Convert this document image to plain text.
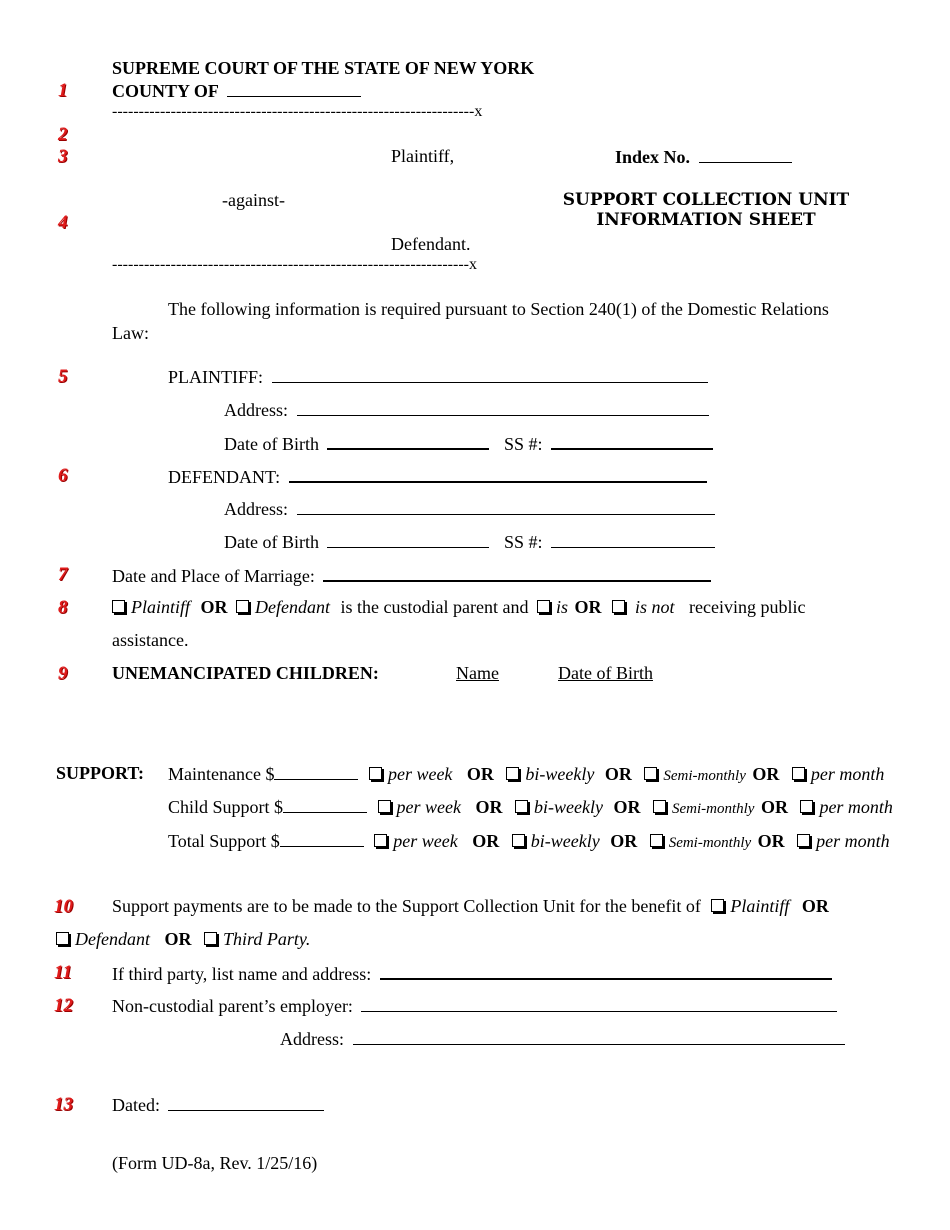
1
2
3
4
5
6
7
8
9
10
11
12
13
SUPREME COURT OF THE STATE OF NEW YORK
COUNTY OF
--------------------------------------------------------------------x
Plaintiff,	Index No.
-against-	SUPPORT COLLECTION UNIT
INFORMATION SHEET
Defendant.
-------------------------------------------------------------------x
The following information is required pursuant to Section 240(1) of the Domestic Relations
Law:
PLAINTIFF:
Address:
Date of Birth	SS #:
DEFENDANT:
Address:
Date of Birth	SS #:
Date and Place of Marriage:
Plaintiff OR Defendant is the custodial parent and is OR is not receiving public
assistance.
UNEMANCIPATED CHILDREN:	Name	Date of Birth
SUPPORT: Maintenance $	per week OR bi-weekly OR Semi-monthly OR per month
Child Support $	per week OR bi-weekly OR Semi-monthly OR per month
Total Support $	per week OR bi-weekly OR Semi-monthly OR per month
Support payments are to be made to the Support Collection Unit for the benefit of Plaintiff OR
Defendant OR Third Party.
If third party, list name and address:
Non-custodial parent’s employer:
Address:
Dated:
(Form UD-8a, Rev. 1/25/16)
